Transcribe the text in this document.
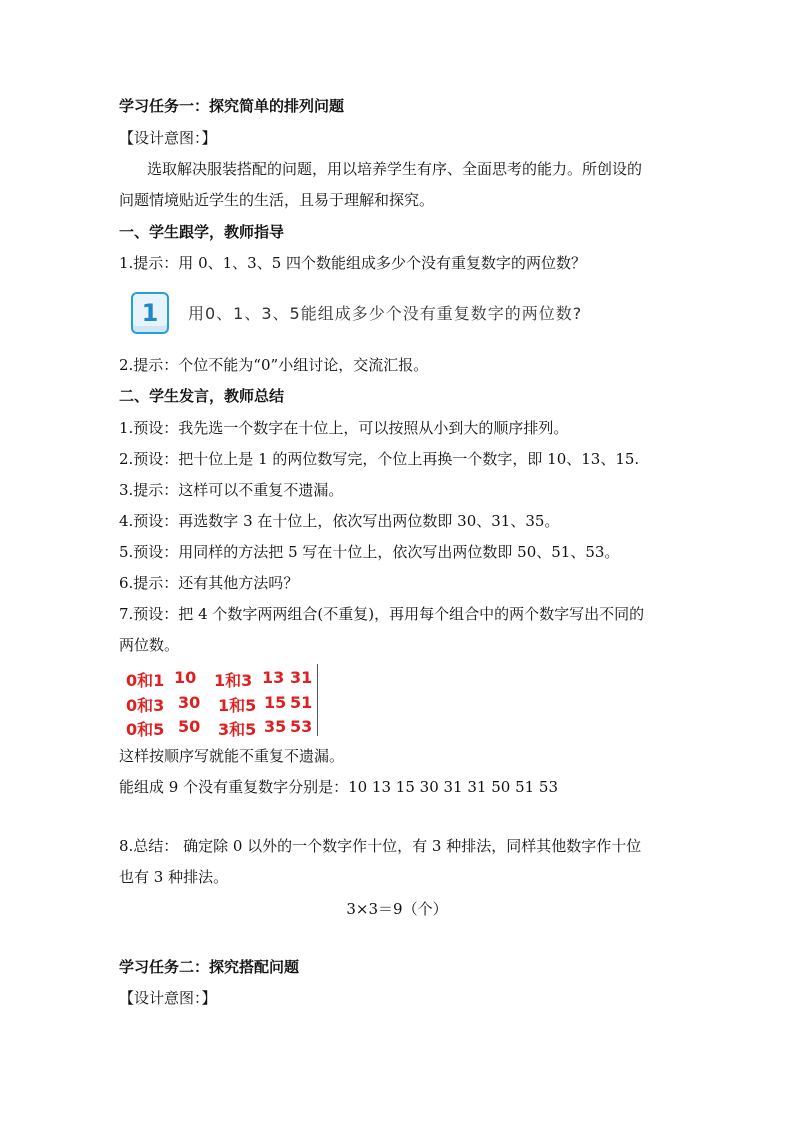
学习任务一：探究简单的排列问题
【设计意图：】
选取解决服装搭配的问题，用以培养学生有序、全面思考的能力。所创设的
问题情境贴近学生的生活，且易于理解和探究。
一、学生跟学，教师指导
1.提示：用 0、1、3、5 四个数能组成多少个没有重复数字的两位数？
1	用0、1、3、5能组成多少个没有重复数字的两位数?
2.提示：个位不能为“0”小组讨论，交流汇报。
二、学生发言，教师总结
1.预设：我先选一个数字在十位上，可以按照从小到大的顺序排列。
2.预设：把十位上是 1 的两位数写完，个位上再换一个数字，即 10、13、15.
3.提示：这样可以不重复不遗漏。
4.预设：再选数字 3 在十位上，依次写出两位数即 30、31、35。
5.预设：用同样的方法把 5 写在十位上，依次写出两位数即 50、51、53。
6.提示：还有其他方法吗？
7.预设：把 4 个数字两两组合(不重复)，再用每个组合中的两个数字写出不同的
两位数。
0和1 10 1和3 13 31
0和3 30 1和5 15 51
0和5 50 3和5 35 53
这样按顺序写就能不重复不遗漏。
能组成 9 个没有重复数字分别是：10 13 15 30 31 31 50 51 53
8.总结： 确定除 0 以外的一个数字作十位，有 3 种排法，同样其他数字作十位
也有 3 种排法。
3×3＝9（个）
学习任务二：探究搭配问题
【设计意图：】
